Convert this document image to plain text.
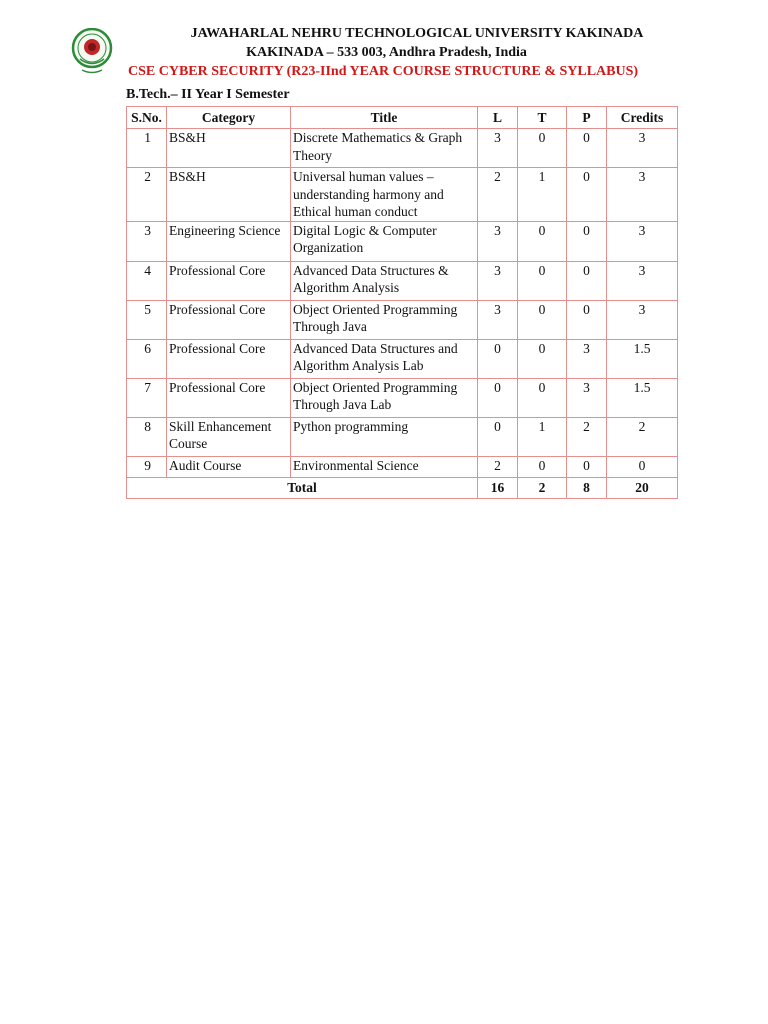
JAWAHARLAL NEHRU TECHNOLOGICAL UNIVERSITY KAKINADA
KAKINADA – 533 003, Andhra Pradesh, India
CSE CYBER SECURITY (R23-IInd YEAR COURSE STRUCTURE & SYLLABUS)
B.Tech.– II Year I Semester
S.No.	Category	Title	L	T	P	Credits
1	BS&H	Discrete Mathematics & Graph Theory	3	0	0	3
2	BS&H	Universal human values – understanding harmony and Ethical human conduct	2	1	0	3
3	Engineering Science	Digital Logic & Computer Organization	3	0	0	3
4	Professional Core	Advanced Data Structures & Algorithm Analysis	3	0	0	3
5	Professional Core	Object Oriented Programming Through Java	3	0	0	3
6	Professional Core	Advanced Data Structures and Algorithm Analysis Lab	0	0	3	1.5
7	Professional Core	Object Oriented Programming Through Java Lab	0	0	3	1.5
8	Skill Enhancement Course	Python programming	0	1	2	2
9	Audit Course	Environmental Science	2	0	0	0
Total			16	2	8	20
